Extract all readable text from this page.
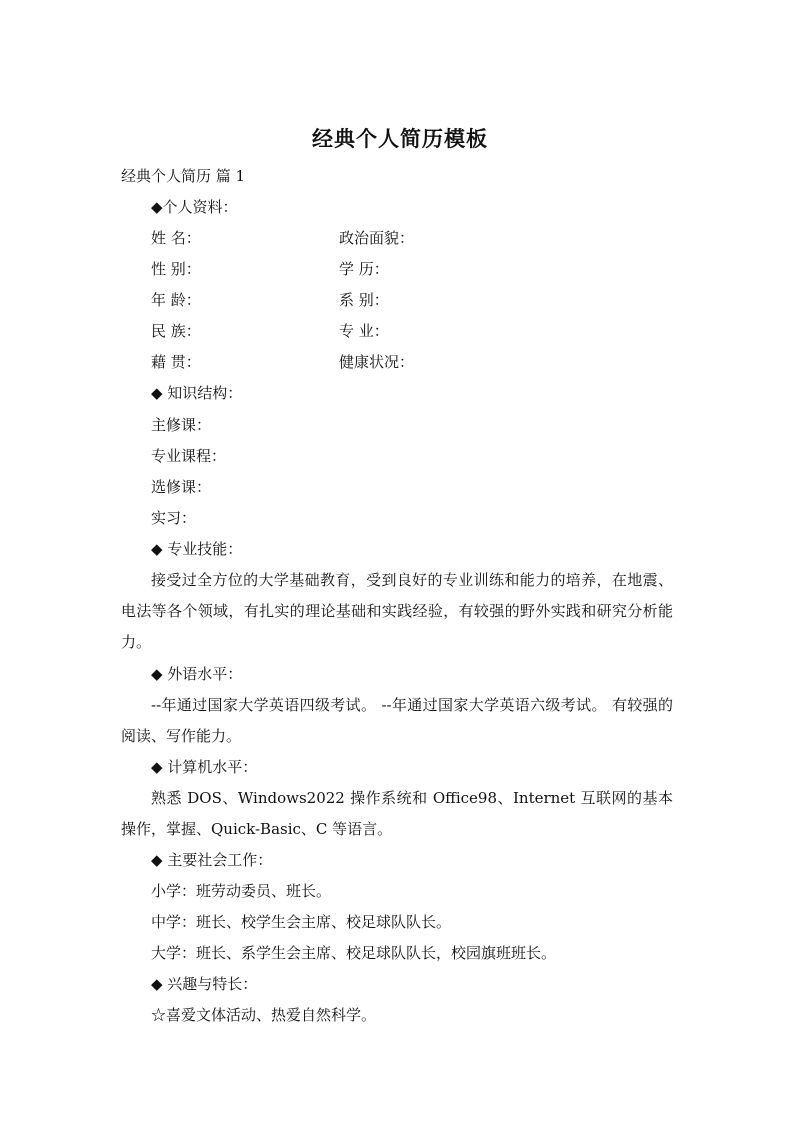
经典个人简历模板
经典个人简历 篇 1
◆个人资料：
姓 名：	政治面貌：
性 别：	学 历：
年 龄：	系 别：
民 族：	专 业：
藉 贯：	健康状况：
◆ 知识结构：
主修课：
专业课程：
选修课：
实习：
◆ 专业技能：
接受过全方位的大学基础教育，受到良好的专业训练和能力的培养，在地震、电法等各个领域，有扎实的理论基础和实践经验，有较强的野外实践和研究分析能力。
◆ 外语水平：
--年通过国家大学英语四级考试。 --年通过国家大学英语六级考试。 有较强的阅读、写作能力。
◆ 计算机水平：
熟悉 DOS、Windows2022 操作系统和 Office98、Internet 互联网的基本操作，掌握、Quick-Basic、C 等语言。
◆ 主要社会工作：
小学：班劳动委员、班长。
中学：班长、校学生会主席、校足球队队长。
大学：班长、系学生会主席、校足球队队长，校园旗班班长。
◆ 兴趣与特长：
☆喜爱文体活动、热爱自然科学。
